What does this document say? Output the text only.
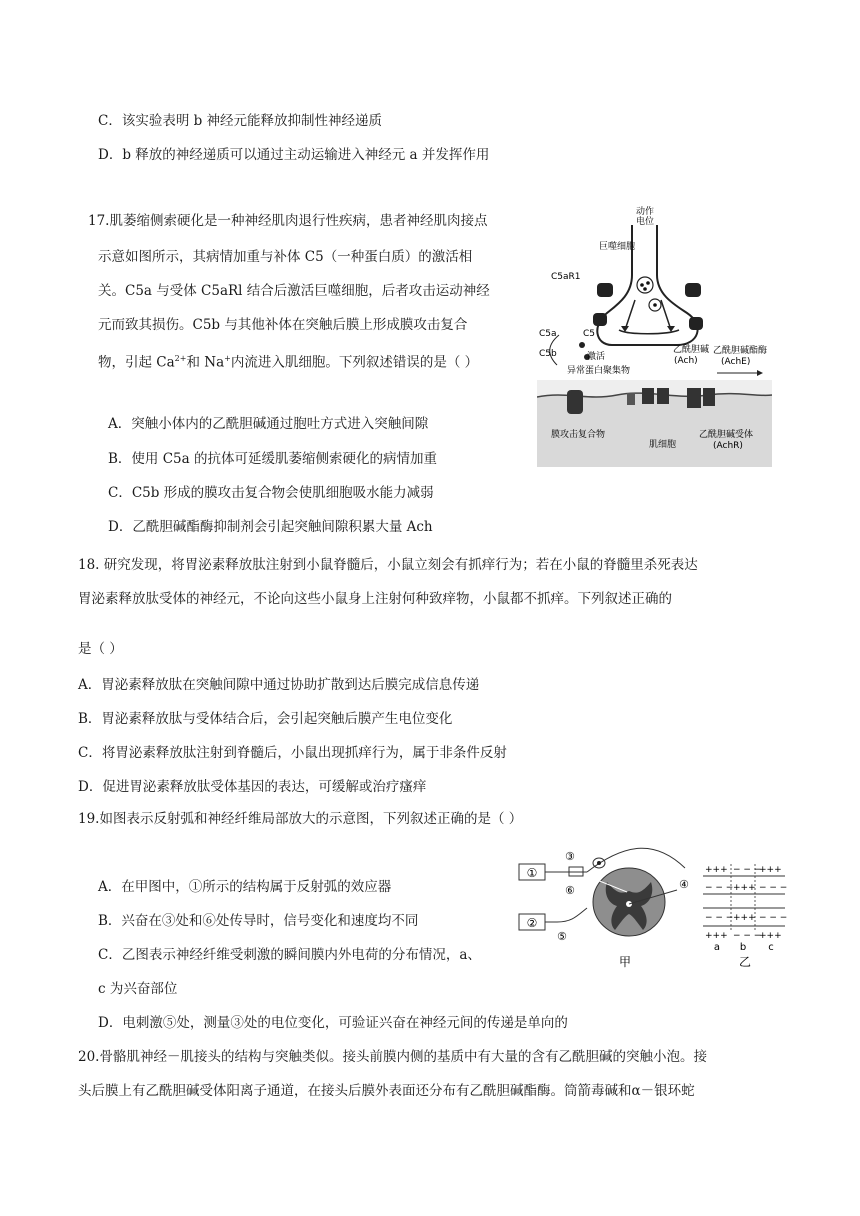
C．该实验表明 b 神经元能释放抑制性神经递质
D．b 释放的神经递质可以通过主动运输进入神经元 a 并发挥作用
17.肌萎缩侧索硬化是一种神经肌肉退行性疾病，患者神经肌肉接点
示意如图所示，其病情加重与补体 C5（一种蛋白质）的激活相
关。C5a 与受体 C5aRl 结合后激活巨噬细胞，后者攻击运动神经
元而致其损伤。C5b 与其他补体在突触后膜上形成膜攻击复合
物，引起 $Ca^{2+}$和 Na+内流进入肌细胞。下列叙述错误的是（ ）
A．突触小体内的乙酰胆碱通过胞吐方式进入突触间隙
B．使用 C5a 的抗体可延缓肌萎缩侧索硬化的病情加重
C．C5b 形成的膜攻击复合物会使肌细胞吸水能力减弱
D．乙酰胆碱酯酶抑制剂会引起突触间隙积累大量 Ach
动作
电位
巨噬细胞
C5aR1
C5
C5a
C5b	激活
乙酰胆碱
(Ach)
乙酰胆碱酯酶
(AchE)
异常蛋白聚集物
膜攻击复合物
肌细胞
乙酰胆碱受体
(AchR)
18. 研究发现，将胃泌素释放肽注射到小鼠脊髓后，小鼠立刻会有抓痒行为；若在小鼠的脊髓里杀死表达
胃泌素释放肽受体的神经元，不论向这些小鼠身上注射何种致痒物，小鼠都不抓痒。下列叙述正确的
是（ ）
A．胃泌素释放肽在突触间隙中通过协助扩散到达后膜完成信息传递
B．胃泌素释放肽与受体结合后，会引起突触后膜产生电位变化
C．将胃泌素释放肽注射到脊髓后，小鼠出现抓痒行为，属于非条件反射
D．促进胃泌素释放肽受体基因的表达，可缓解或治疗瘙痒
19.如图表示反射弧和神经纤维局部放大的示意图，下列叙述正确的是（ ）
A．在甲图中，①所示的结构属于反射弧的效应器
B．兴奋在③处和⑥处传导时，信号变化和速度均不同
C．乙图表示神经纤维受刺激的瞬间膜内外电荷的分布情况，a、
c 为兴奋部位
D．电刺激⑤处，测量③处的电位变化，可验证兴奋在神经元间的传递是单向的
①
②
③
⑥	④
⑤
甲
+++ − − −
+++
− − − +++ − − −
− − − +++ − − −
+++ − − −
+++
a b c
乙
20.骨骼肌神经－肌接头的结构与突触类似。接头前膜内侧的基质中有大量的含有乙酰胆碱的突触小泡。接
头后膜上有乙酰胆碱受体阳离子通道，在接头后膜外表面还分布有乙酰胆碱酯酶。筒箭毒碱和α－银环蛇
